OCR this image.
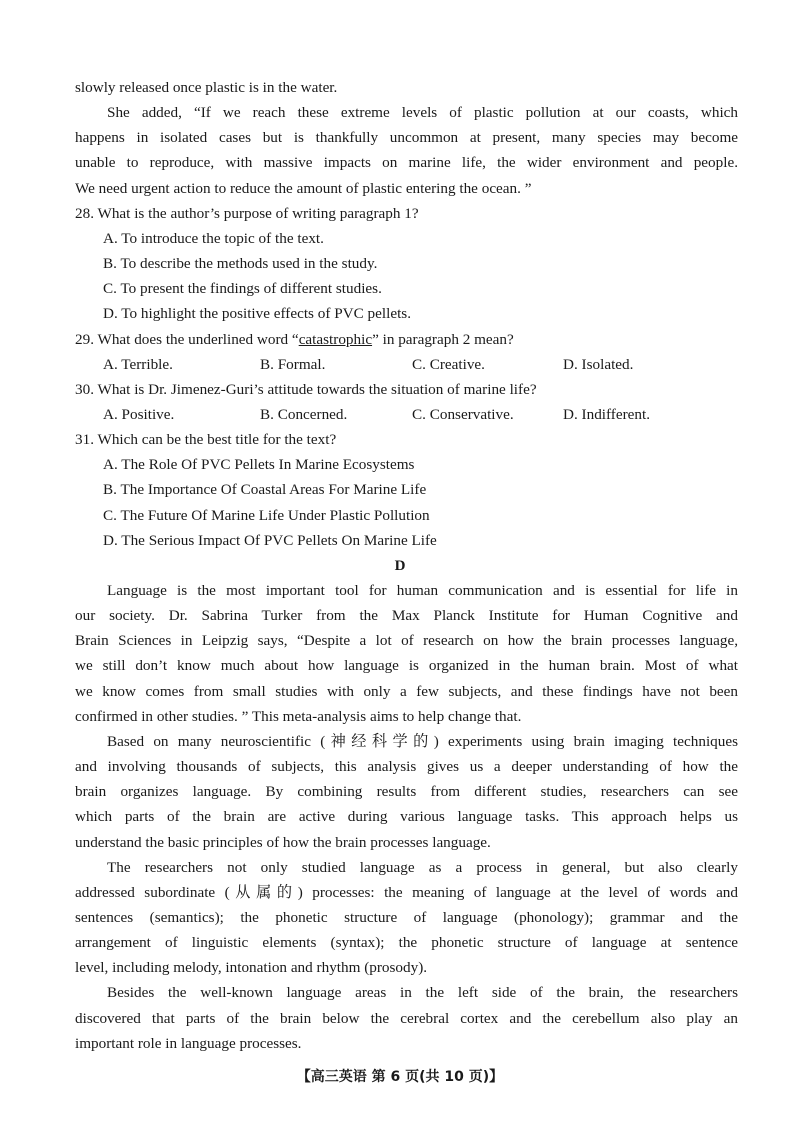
slowly released once plastic is in the water.
She added, “If we reach these extreme levels of plastic pollution at our coasts, which
happens in isolated cases but is thankfully uncommon at present, many species may become
unable to reproduce, with massive impacts on marine life, the wider environment and people.
We need urgent action to reduce the amount of plastic entering the ocean. ”
28. What is the author’s purpose of writing paragraph 1?
A. To introduce the topic of the text.
B. To describe the methods used in the study.
C. To present the findings of different studies.
D. To highlight the positive effects of PVC pellets.
29. What does the underlined word “catastrophic” in paragraph 2 mean?
A. Terrible.	B. Formal.	C. Creative.	D. Isolated.
30. What is Dr. Jimenez-Guri’s attitude towards the situation of marine life?
A. Positive.	B. Concerned.	C. Conservative.	D. Indifferent.
31. Which can be the best title for the text?
A. The Role Of PVC Pellets In Marine Ecosystems
B. The Importance Of Coastal Areas For Marine Life
C. The Future Of Marine Life Under Plastic Pollution
D. The Serious Impact Of PVC Pellets On Marine Life
D
Language is the most important tool for human communication and is essential for life in
our society. Dr. Sabrina Turker from the Max Planck Institute for Human Cognitive and
Brain Sciences in Leipzig says, “Despite a lot of research on how the brain processes language,
we still don’t know much about how language is organized in the human brain. Most of what
we know comes from small studies with only a few subjects, and these findings have not been
confirmed in other studies. ” This meta-analysis aims to help change that.
Based on many neuroscientific (神经科学的) experiments using brain imaging techniques
and involving thousands of subjects, this analysis gives us a deeper understanding of how the
brain organizes language. By combining results from different studies, researchers can see
which parts of the brain are active during various language tasks. This approach helps us
understand the basic principles of how the brain processes language.
The researchers not only studied language as a process in general, but also clearly
addressed subordinate (从属的) processes: the meaning of language at the level of words and
sentences (semantics); the phonetic structure of language (phonology); grammar and the
arrangement of linguistic elements (syntax); the phonetic structure of language at sentence
level, including melody, intonation and rhythm (prosody).
Besides the well-known language areas in the left side of the brain, the researchers
discovered that parts of the brain below the cerebral cortex and the cerebellum also play an
important role in language processes.
【高三英语 第 6 页(共 10 页)】
